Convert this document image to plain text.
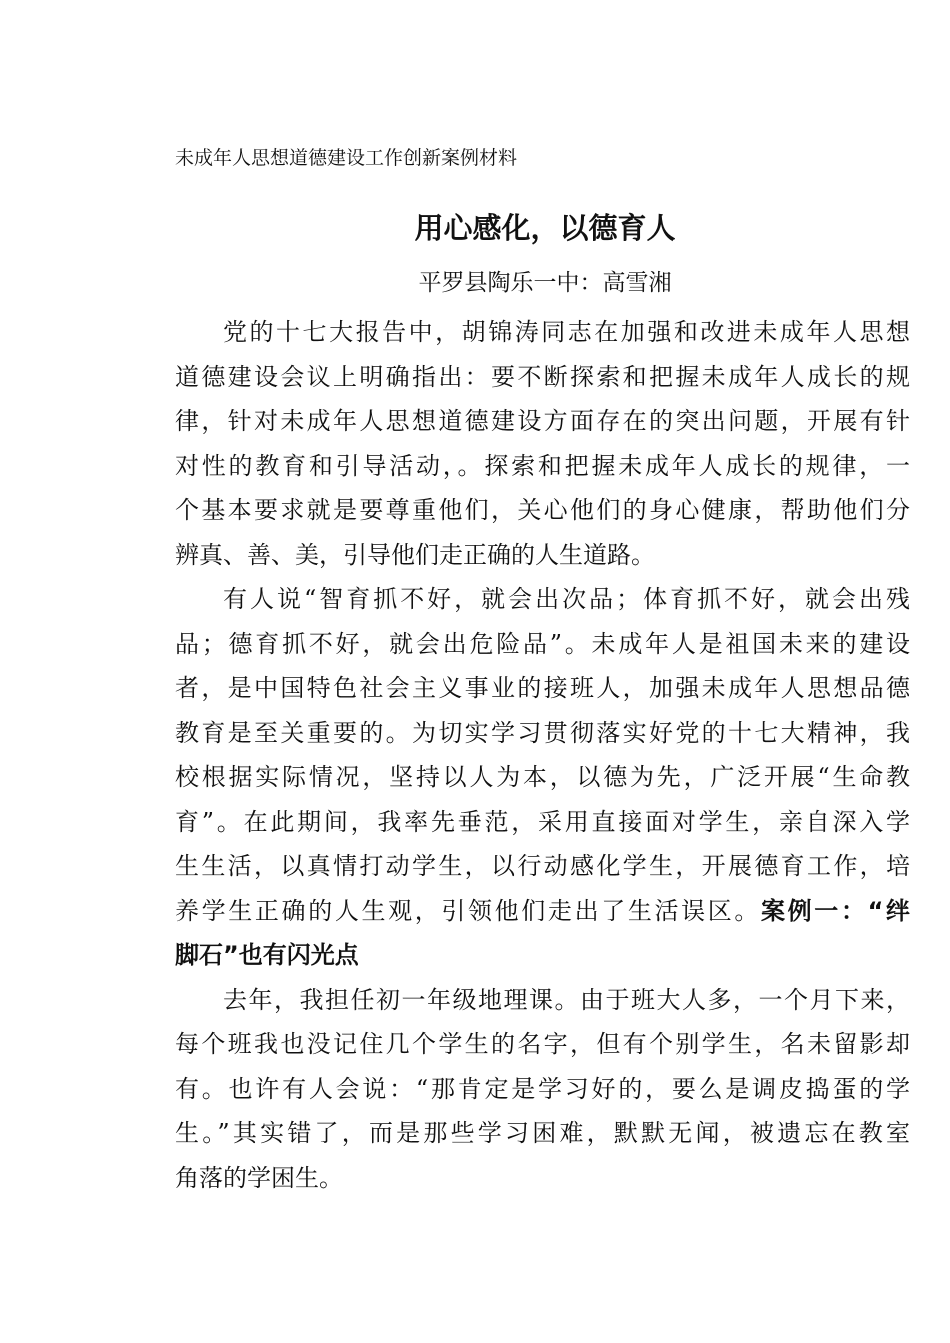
未成年人思想道德建设工作创新案例材料
用心感化，以德育人
平罗县陶乐一中：高雪湘
党的十七大报告中，胡锦涛同志在加强和改进未成年人思想
道德建设会议上明确指出：要不断探索和把握未成年人成长的规
律，针对未成年人思想道德建设方面存在的突出问题，开展有针
对性的教育和引导活动，。探索和把握未成年人成长的规律，一
个基本要求就是要尊重他们，关心他们的身心健康，帮助他们分
辨真、善、美，引导他们走正确的人生道路。
有人说“智育抓不好，就会出次品；体育抓不好，就会出残
品；德育抓不好，就会出危险品”。未成年人是祖国未来的建设
者，是中国特色社会主义事业的接班人，加强未成年人思想品德
教育是至关重要的。为切实学习贯彻落实好党的十七大精神，我
校根据实际情况，坚持以人为本，以德为先，广泛开展“生命教
育”。在此期间，我率先垂范，采用直接面对学生，亲自深入学
生生活，以真情打动学生，以行动感化学生，开展德育工作，培
养学生正确的人生观，引领他们走出了生活误区。案例一：“绊
脚石”也有闪光点
去年，我担任初一年级地理课。由于班大人多，一个月下来，
每个班我也没记住几个学生的名字，但有个别学生，名未留影却
有。也许有人会说：“那肯定是学习好的，要么是调皮捣蛋的学
生。”其实错了，而是那些学习困难，默默无闻，被遗忘在教室
角落的学困生。
